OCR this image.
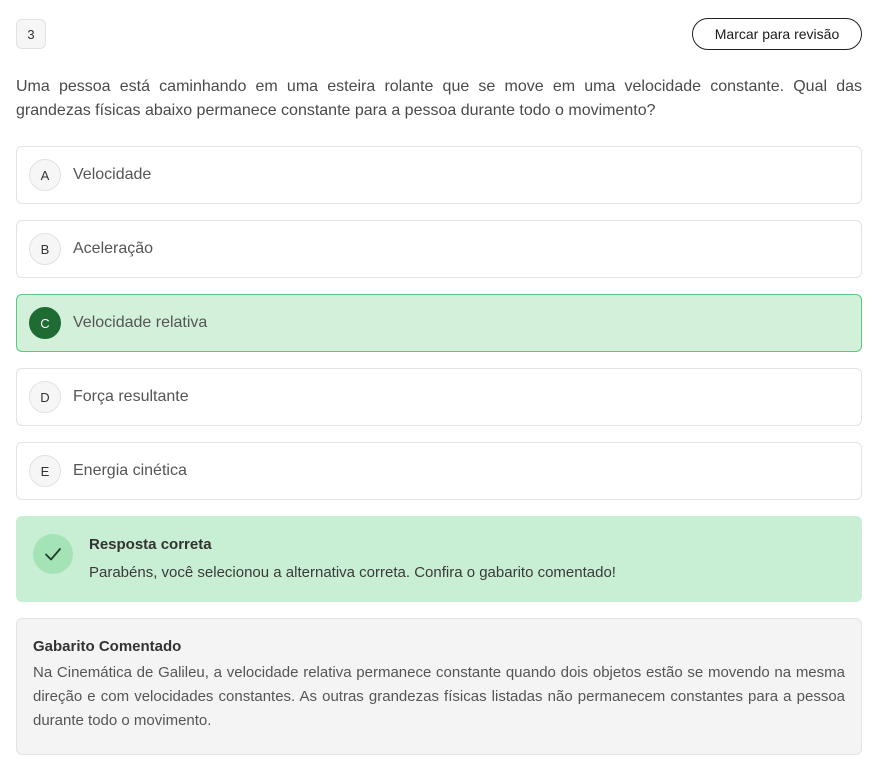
3	Marcar para revisão

Uma pessoa está caminhando em uma esteira rolante que se move em uma velocidade constante. Qual das grandezas físicas abaixo permanece constante para a pessoa durante todo o movimento?

A	Velocidade
B	Aceleração
C	Velocidade relativa
D	Força resultante
E	Energia cinética
Resposta correta
Parabéns, você selecionou a alternativa correta. Confira o gabarito comentado!
Gabarito Comentado

Na Cinemática de Galileu, a velocidade relativa permanece constante quando dois objetos estão se movendo na mesma direção e com velocidades constantes. As outras grandezas físicas listadas não permanecem constantes para a pessoa durante todo o movimento.
